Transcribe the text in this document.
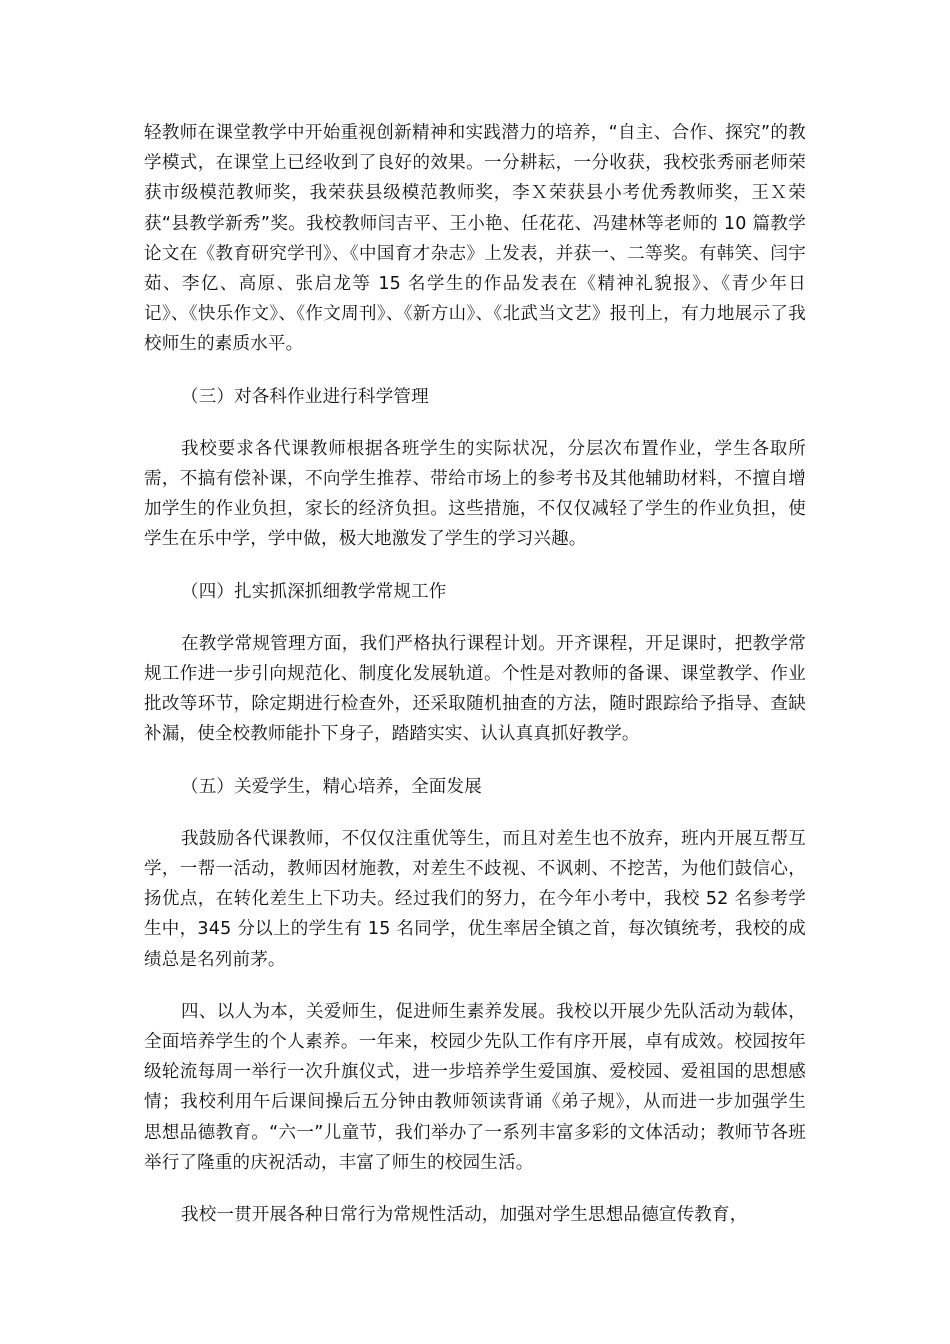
轻教师在课堂教学中开始重视创新精神和实践潜力的培养，“自主、合作、探究”的教学模式，在课堂上已经收到了良好的效果。一分耕耘，一分收获，我校张秀丽老师荣获市级模范教师奖，我荣获县级模范教师奖，李Ｘ荣获县小考优秀教师奖，王Ｘ荣获“县教学新秀”奖。我校教师闫吉平、王小艳、任花花、冯建林等老师的 10 篇教学论文在《教育研究学刊》、《中国育才杂志》上发表，并获一、二等奖。有韩笑、闫宇茹、李亿、高原、张启龙等 15 名学生的作品发表在《精神礼貌报》、《青少年日记》、《快乐作文》、《作文周刊》、《新方山》、《北武当文艺》报刊上，有力地展示了我校师生的素质水平。

（三）对各科作业进行科学管理

我校要求各代课教师根据各班学生的实际状况，分层次布置作业，学生各取所需，不搞有偿补课，不向学生推荐、带给市场上的参考书及其他辅助材料，不擅自增加学生的作业负担，家长的经济负担。这些措施，不仅仅减轻了学生的作业负担，使学生在乐中学，学中做，极大地激发了学生的学习兴趣。

（四）扎实抓深抓细教学常规工作

在教学常规管理方面，我们严格执行课程计划。开齐课程，开足课时，把教学常规工作进一步引向规范化、制度化发展轨道。个性是对教师的备课、课堂教学、作业批改等环节，除定期进行检查外，还采取随机抽查的方法，随时跟踪给予指导、查缺补漏，使全校教师能扑下身子，踏踏实实、认认真真抓好教学。

（五）关爱学生，精心培养，全面发展

我鼓励各代课教师，不仅仅注重优等生，而且对差生也不放弃，班内开展互帮互学，一帮一活动，教师因材施教，对差生不歧视、不讽刺、不挖苦，为他们鼓信心，扬优点，在转化差生上下功夫。经过我们的努力，在今年小考中，我校 52 名参考学生中，345 分以上的学生有 15 名同学，优生率居全镇之首，每次镇统考，我校的成绩总是名列前茅。

四、以人为本，关爱师生，促进师生素养发展。我校以开展少先队活动为载体，全面培养学生的个人素养。一年来，校园少先队工作有序开展，卓有成效。校园按年级轮流每周一举行一次升旗仪式，进一步培养学生爱国旗、爱校园、爱祖国的思想感情；我校利用午后课间操后五分钟由教师领读背诵《弟子规》，从而进一步加强学生思想品德教育。“六一”儿童节，我们举办了一系列丰富多彩的文体活动；教师节各班举行了隆重的庆祝活动，丰富了师生的校园生活。

我校一贯开展各种日常行为常规性活动，加强对学生思想品德宣传教育，
